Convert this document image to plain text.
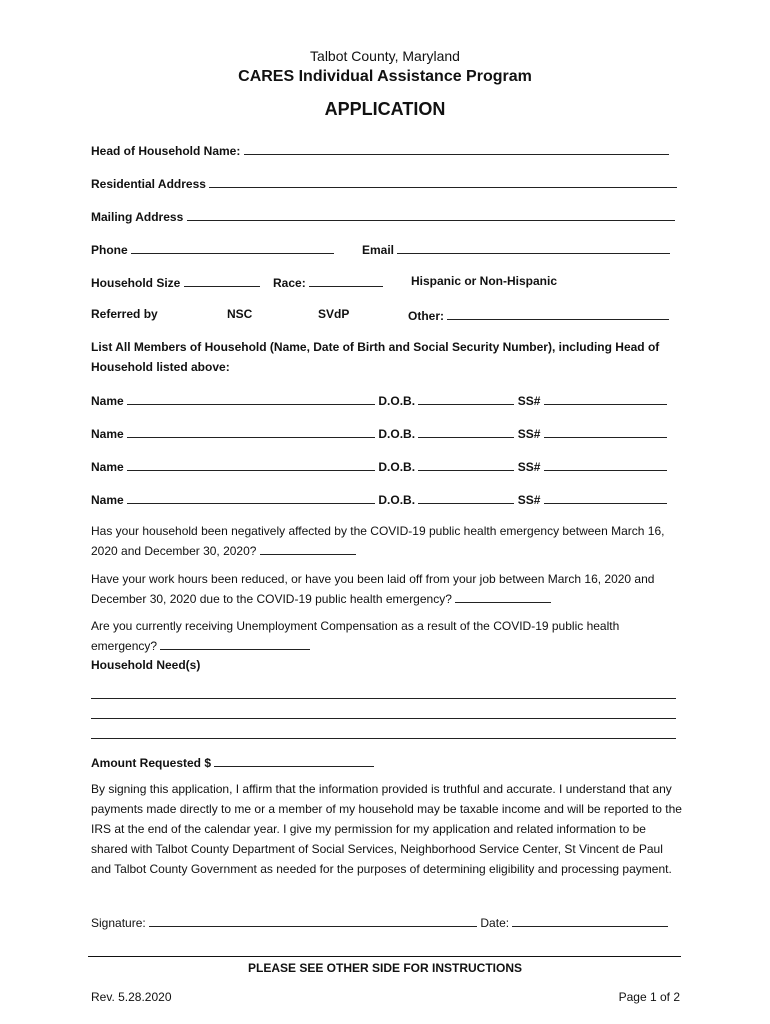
Talbot County, Maryland
CARES Individual Assistance Program
APPLICATION
Head of Household Name:
Residential Address
Mailing Address
Phone	Email
Household Size	Race:	Hispanic or Non-Hispanic
Referred by	NSC	SVdP	Other:
List All Members of Household (Name, Date of Birth and Social Security Number), including Head of Household listed above:
Name	D.O.B.	SS#
Name	D.O.B.	SS#
Name	D.O.B.	SS#
Name	D.O.B.	SS#
Has your household been negatively affected by the COVID-19 public health emergency between March 16, 2020 and December 30, 2020?
Have your work hours been reduced, or have you been laid off from your job between March 16, 2020 and December 30, 2020 due to the COVID-19 public health emergency?
Are you currently receiving Unemployment Compensation as a result of the COVID-19 public health emergency?
Household Need(s)
Amount Requested $
By signing this application, I affirm that the information provided is truthful and accurate. I understand that any payments made directly to me or a member of my household may be taxable income and will be reported to the IRS at the end of the calendar year. I give my permission for my application and related information to be shared with Talbot County Department of Social Services, Neighborhood Service Center, St Vincent de Paul and Talbot County Government as needed for the purposes of determining eligibility and processing payment.
Signature:	Date:
PLEASE SEE OTHER SIDE FOR INSTRUCTIONS
Rev. 5.28.2020	Page 1 of 2
